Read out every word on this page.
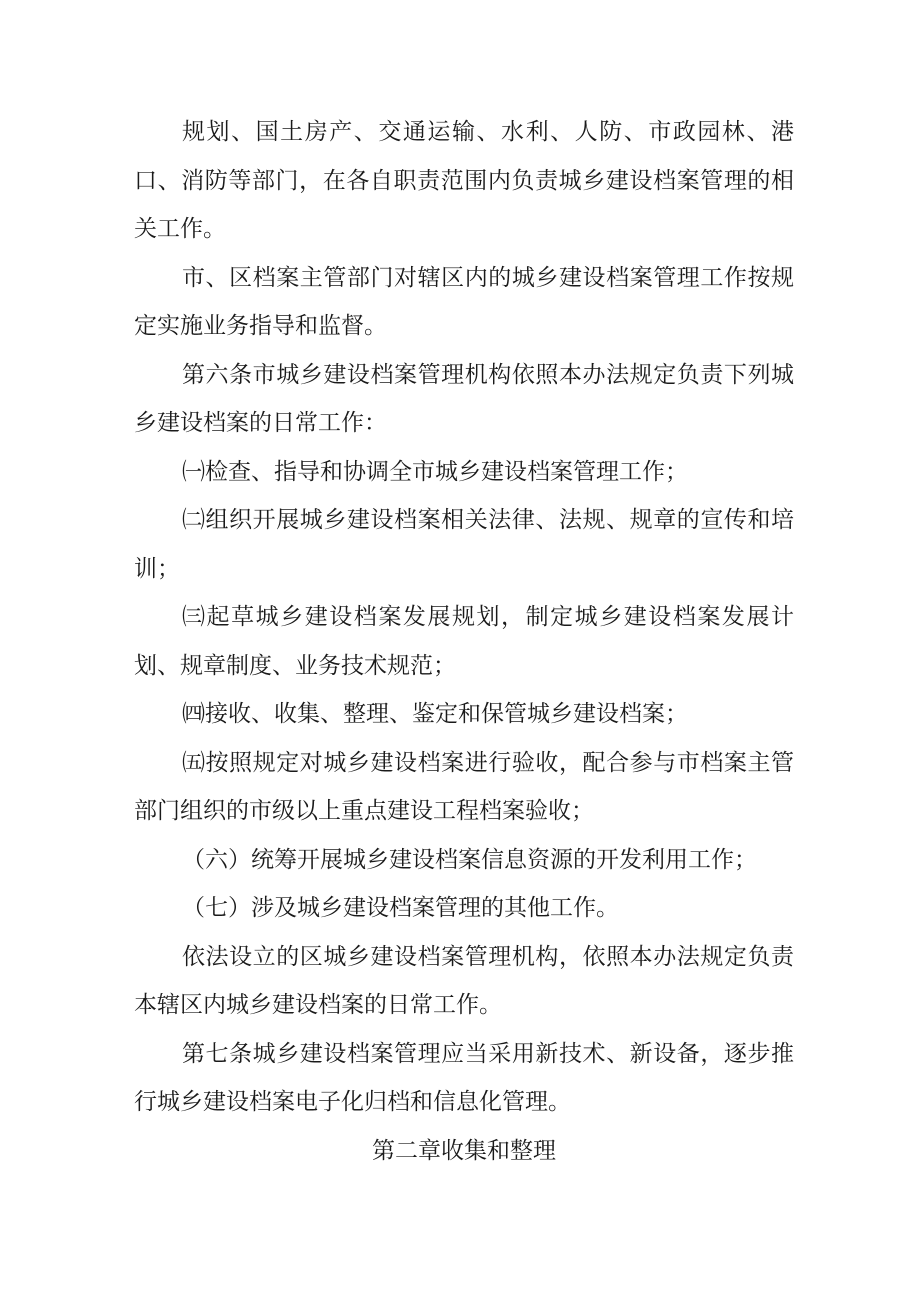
规划、国土房产、交通运输、水利、人防、市政园林、港口、消防等部门，在各自职责范围内负责城乡建设档案管理的相关工作。

市、区档案主管部门对辖区内的城乡建设档案管理工作按规定实施业务指导和监督。

第六条市城乡建设档案管理机构依照本办法规定负责下列城乡建设档案的日常工作：

㈠检查、指导和协调全市城乡建设档案管理工作；

㈡组织开展城乡建设档案相关法律、法规、规章的宣传和培训；

㈢起草城乡建设档案发展规划，制定城乡建设档案发展计划、规章制度、业务技术规范；

㈣接收、收集、整理、鉴定和保管城乡建设档案；

㈤按照规定对城乡建设档案进行验收，配合参与市档案主管部门组织的市级以上重点建设工程档案验收；

（六）统筹开展城乡建设档案信息资源的开发利用工作；

（七）涉及城乡建设档案管理的其他工作。

依法设立的区城乡建设档案管理机构，依照本办法规定负责本辖区内城乡建设档案的日常工作。

第七条城乡建设档案管理应当采用新技术、新设备，逐步推行城乡建设档案电子化归档和信息化管理。

第二章收集和整理
